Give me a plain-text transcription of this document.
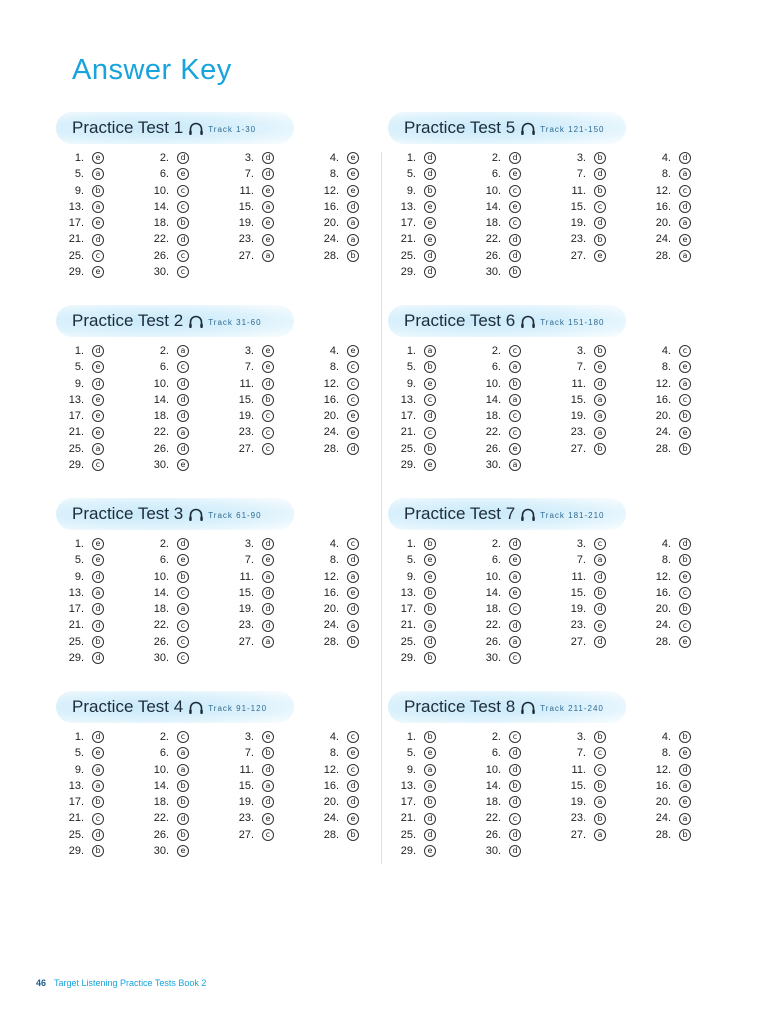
Answer Key
Practice Test 1	Track 1-30
1.	e	2.	d	3.	d	4.	e
5.	a	6.	e	7.	d	8.	e
9.	b	10.	c	11.	e	12.	e
13.	a	14.	c	15.	a	16.	d
17.	e	18.	b	19.	e	20.	a
21.	d	22.	d	23.	e	24.	a
25.	c	26.	c	27.	a	28.	b
29.	e	30.	c
Practice Test 2	Track 31-60
1.	d	2.	a	3.	e	4.	e
5.	e	6.	c	7.	e	8.	c
9.	d	10.	d	11.	d	12.	c
13.	e	14.	d	15.	b	16.	c
17.	e	18.	d	19.	c	20.	e
21.	e	22.	a	23.	c	24.	e
25.	a	26.	d	27.	c	28.	d
29.	c	30.	e
Practice Test 3	Track 61-90
1.	e	2.	d	3.	d	4.	c
5.	e	6.	e	7.	e	8.	d
9.	d	10.	b	11.	a	12.	a
13.	a	14.	c	15.	d	16.	e
17.	d	18.	a	19.	d	20.	d
21.	d	22.	c	23.	d	24.	a
25.	b	26.	c	27.	a	28.	b
29.	d	30.	c
Practice Test 4	Track 91-120
1.	d	2.	c	3.	e	4.	c
5.	e	6.	a	7.	b	8.	e
9.	a	10.	a	11.	d	12.	c
13.	a	14.	b	15.	a	16.	d
17.	b	18.	b	19.	d	20.	d
21.	c	22.	d	23.	e	24.	e
25.	d	26.	b	27.	c	28.	b
29.	b	30.	e
Practice Test 5	Track 121-150
1.	d	2.	d	3.	b	4.	d
5.	d	6.	e	7.	d	8.	a
9.	b	10.	c	11.	b	12.	c
13.	e	14.	e	15.	c	16.	d
17.	e	18.	c	19.	d	20.	a
21.	e	22.	d	23.	b	24.	e
25.	d	26.	d	27.	e	28.	a
29.	d	30.	b
Practice Test 6	Track 151-180
1.	a	2.	c	3.	b	4.	c
5.	b	6.	a	7.	e	8.	e
9.	e	10.	b	11.	d	12.	a
13.	c	14.	a	15.	a	16.	c
17.	d	18.	c	19.	a	20.	b
21.	c	22.	c	23.	a	24.	e
25.	b	26.	e	27.	b	28.	b
29.	e	30.	a
Practice Test 7	Track 181-210
1.	b	2.	d	3.	c	4.	d
5.	e	6.	e	7.	a	8.	b
9.	e	10.	a	11.	d	12.	e
13.	b	14.	e	15.	b	16.	c
17.	b	18.	c	19.	d	20.	b
21.	a	22.	d	23.	e	24.	c
25.	d	26.	a	27.	d	28.	e
29.	b	30.	c
Practice Test 8	Track 211-240
1.	b	2.	c	3.	b	4.	b
5.	e	6.	d	7.	c	8.	e
9.	a	10.	d	11.	c	12.	d
13.	a	14.	b	15.	b	16.	a
17.	b	18.	d	19.	a	20.	e
21.	d	22.	c	23.	b	24.	a
25.	d	26.	d	27.	a	28.	b
29.	e	30.	d
46 Target Listening Practice Tests Book 2
